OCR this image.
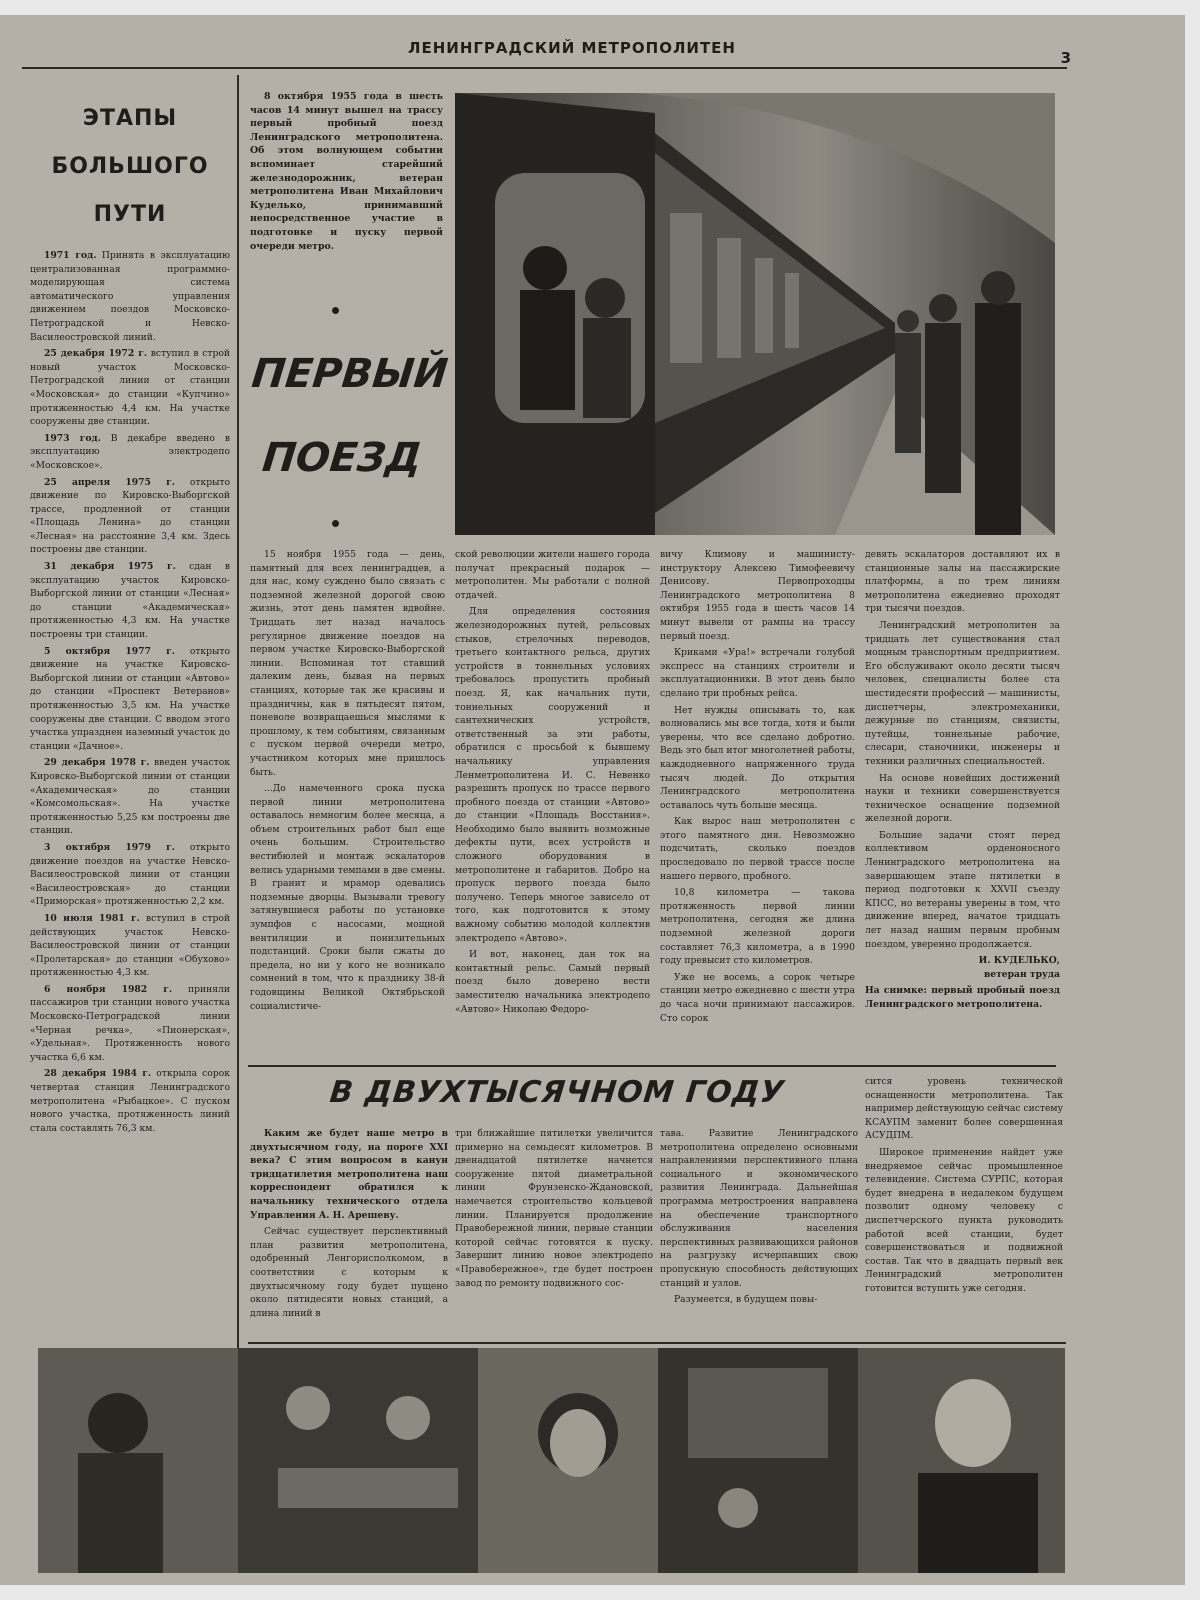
ЛЕНИНГРАДСКИЙ МЕТРОПОЛИТЕН
3
ЭТАПЫ
БОЛЬШОГО
ПУТИ

1971 год. Принята в эксплуатацию централизованная программно-моделирующая система автоматического управления движением поездов Московско-Петроградской и Невско-Василеостровской линий.

25 декабря 1972 г. вступил в строй новый участок Московско-Петроградской линии от станции «Московская» до станции «Купчино» протяженностью 4,4 км. На участке сооружены две станции.

1973 год. В декабре введено в эксплуатацию электродепо «Московское».

25 апреля 1975 г. открыто движение по Кировско-Выборгской трассе, продленной от станции «Площадь Ленина» до станции «Лесная» на расстояние 3,4 км. Здесь построены две станции.

31 декабря 1975 г. сдан в эксплуатацию участок Кировско-Выборгской линии от станции «Лесная» до станции «Академическая» протяженностью 4,3 км. На участке построены три станции.

5 октября 1977 г. открыто движение на участке Кировско-Выборгской линии от станции «Автово» до станции «Проспект Ветеранов» протяженностью 3,5 км. На участке сооружены две станции. С вводом этого участка упразднен наземный участок до станции «Дачное».

29 декабря 1978 г. введен участок Кировско-Выборгской линии от станции «Академическая» до станции «Комсомольская». На участке протяженностью 5,25 км построены две станции.

3 октября 1979 г. открыто движение поездов на участке Невско-Василеостровской линии от станции «Василеостровская» до станции «Приморская» протяженностью 2,2 км.

10 июля 1981 г. вступил в строй действующих участок Невско-Василеостровской линии от станции «Пролетарская» до станции «Обухово» протяженностью 4,3 км.

6 ноября 1982 г. приняли пассажиров три станции нового участка Московско-Петроградской линии «Черная речка», «Пионерская», «Удельная». Протяженность нового участка 6,6 км.

28 декабря 1984 г. открыла сорок четвертая станция Ленинградского метрополитена «Рыбацкое». С пуском нового участка, протяженность линий стала составлять 76,3 км.

8 октября 1955 года в шесть часов 14 минут вышел на трассу первый пробный поезд Ленинградского метрополитена. Об этом волнующем событии вспоминает старейший железнодорожник, ветеран метрополитена Иван Михайлович Куделько, принимавший непосредственное участие в подготовке и пуску первой очереди метро.

ПЕРВЫЙ
ПОЕЗД

15 ноября 1955 года — день, памятный для всех ленинградцев, а для нас, кому суждено было связать с подземной железной дорогой свою жизнь, этот день памятен вдвойне. Тридцать лет назад началось регулярное движение поездов на первом участке Кировско-Выборгской линии. Вспоминая тот ставший далеким день, бывая на первых станциях, которые так же красивы и праздничны, как в пятьдесят пятом, поневоле возвращаешься мыслями к прошлому, к тем событиям, связанным с пуском первой очереди метро, участником которых мне пришлось быть.

...До намеченного срока пуска первой линии метрополитена оставалось немногим более месяца, а объем строительных работ был еще очень большим. Строительство вестибюлей и монтаж эскалаторов велись ударными темпами в две смены. В гранит и мрамор одевались подземные дворцы. Вызывали тревогу затянувшиеся работы по установке зумпфов с насосами, мощной вентиляции и понизительных подстанций. Сроки были сжаты до предела, но ни у кого не возникало сомнений в том, что к празднику 38-й годовщины Великой Октябрьской социалистиче-

ской революции жители нашего города получат прекрасный подарок — метрополитен. Мы работали с полной отдачей.

Для определения состояния железнодорожных путей, рельсовых стыков, стрелочных переводов, третьего контактного рельса, других устройств в тоннельных условиях требовалось пропустить пробный поезд. Я, как начальник пути, тоннельных сооружений и сантехнических устройств, ответственный за эти работы, обратился с просьбой к бывшему начальнику управления Ленметрополитена И. С. Невенко разрешить пропуск по трассе первого пробного поезда от станции «Автово» до станции «Площадь Восстания». Необходимо было выявить возможные дефекты пути, всех устройств и сложного оборудования в метрополитене и габаритов. Добро на пропуск первого поезда было получено. Теперь многое зависело от того, как подготовится к этому важному событию молодой коллектив электродепо «Автово».

И вот, наконец, дан ток на контактный рельс. Самый первый поезд было доверено вести заместителю начальника электродепо «Автово» Николаю Федоро-

вичу Климову и машинисту-инструктору Алексею Тимофеевичу Денисову. Первопроходцы Ленинградского метрополитена 8 октября 1955 года в шесть часов 14 минут вывели от рампы на трассу первый поезд.

Криками «Ура!» встречали голубой экспресс на станциях строители и эксплуатационники. В этот день было сделано три пробных рейса.

Нет нужды описывать то, как волновались мы все тогда, хотя и были уверены, что все сделано добротно. Ведь это был итог многолетней работы, каждодневного напряженного труда тысяч людей. До открытия Ленинградского метрополитена оставалось чуть больше месяца.

Как вырос наш метрополитен с этого памятного дня. Невозможно подсчитать, сколько поездов проследовало по первой трассе после нашего первого, пробного.

10,8 километра — такова протяженность первой линии метрополитена, сегодня же длина подземной железной дороги составляет 76,3 километра, а в 1990 году превысит сто километров.

Уже не восемь, а сорок четыре станции метро ежедневно с шести утра до часа ночи принимают пассажиров. Сто сорок

девять эскалаторов доставляют их в станционные залы на пассажирские платформы, а по трем линиям метрополитена ежедневно проходят три тысячи поездов.

Ленинградский метрополитен за тридцать лет существования стал мощным транспортным предприятием. Его обслуживают около десяти тысяч человек, специалисты более ста шестидесяти профессий — машинисты, диспетчеры, электромеханики, дежурные по станциям, связисты, путейцы, тоннельные рабочие, слесари, станочники, инженеры и техники различных специальностей.

На основе новейших достижений науки и техники совершенствуется техническое оснащение подземной железной дороги.

Большие задачи стоят перед коллективом орденоносного Ленинградского метрополитена на завершающем этапе пятилетки в период подготовки к XXVII съезду КПСС, но ветераны уверены в том, что движение вперед, начатое тридцать лет назад нашим первым пробным поездом, уверенно продолжается.

И. КУДЕЛЬКО,

ветеран труда

На снимке: первый пробный поезд Ленинградского метрополитена.

В ДВУХТЫСЯЧНОМ ГОДУ

Каким же будет наше метро в двухтысячном году, на пороге XXI века? С этим вопросом в канун тридцатилетия метрополитена наш корреспондент обратился к начальнику технического отдела Управления А. Н. Арешеву.

Сейчас существует перспективный план развития метрополитена, одобренный Ленгорисполкомом, в соответствии с которым к двухтысячному году будет пущено около пятидесяти новых станций, а длина линий в

три ближайшие пятилетки увеличится примерно на семьдесят километров. В двенадцатой пятилетке начнется сооружение пятой диаметральной линии Фрунзенско-Ждановской, намечается строительство кольцевой линии. Планируется продолжение Правобережной линии, первые станции которой сейчас готовятся к пуску. Завершит линию новое электродепо «Правобережное», где будет построен завод по ремонту подвижного сос-

тава. Развитие Ленинградского метрополитена определено основными направлениями перспективного плана социального и экономического развития Ленинграда. Дальнейшая программа метростроения направлена на обеспечение транспортного обслуживания населения перспективных развивающихся районов на разгрузку исчерпавших свою пропускную способность действующих станций и узлов.

Разумеется, в будущем повы-

сится уровень технической оснащенности метрополитена. Так например действующую сейчас систему КСАУПМ заменит более совершенная АСУДПМ.

Широкое применение найдет уже внедряемое сейчас промышленное телевидение. Система СУРПС, которая будет внедрена в недалеком будущем позволит одному человеку с диспетчерского пункта руководить работой всей станции, будет совершенствоваться и подвижной состав. Так что в двадцать первый век Ленинградский метрополитен готовится вступить уже сегодня.
